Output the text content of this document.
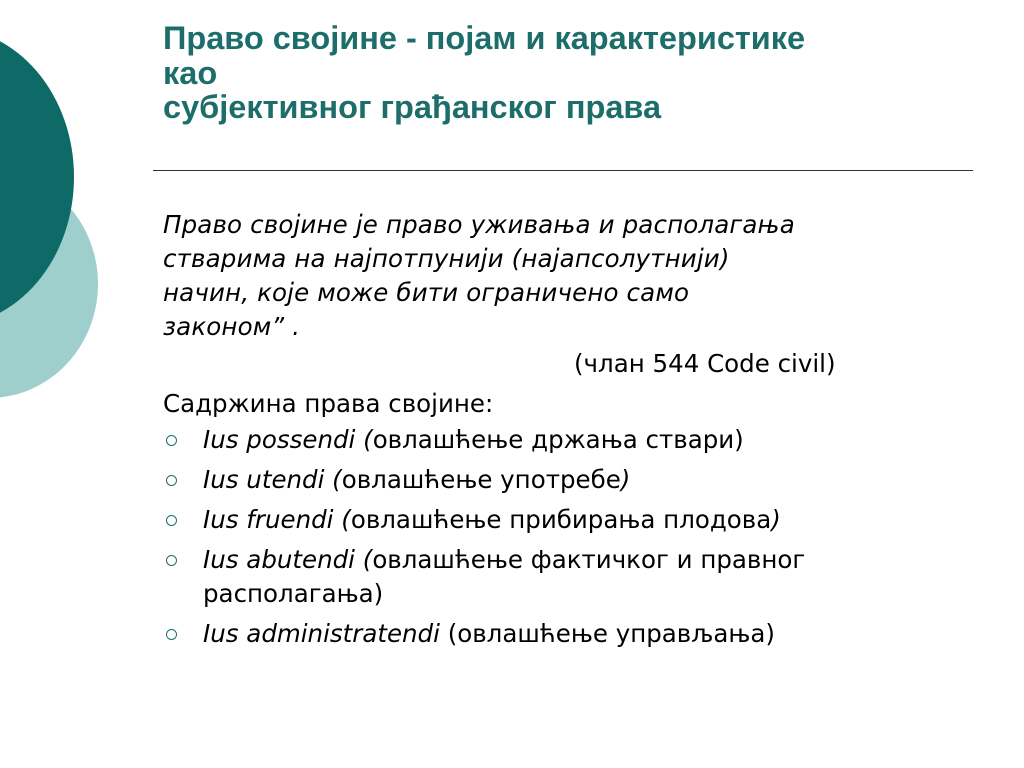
Право својине - појам и карактеристике
као
субјективног грађанског права
Право својине је право уживања и располагања
стварима на најпотпунији (најапсолутнији)
начин, које може бити ограничено само
законом” .
(члан 544 Code civil)
Садржина права својине:
Ius possendi (овлашћење држања ствари)
Ius utendi (овлашћење употребе)
Ius fruendi (овлашћење прибирања плодова)
Ius abutendi (овлашћење фактичког и правног
располагања)
Ius administratendi (овлашћење управљања)
